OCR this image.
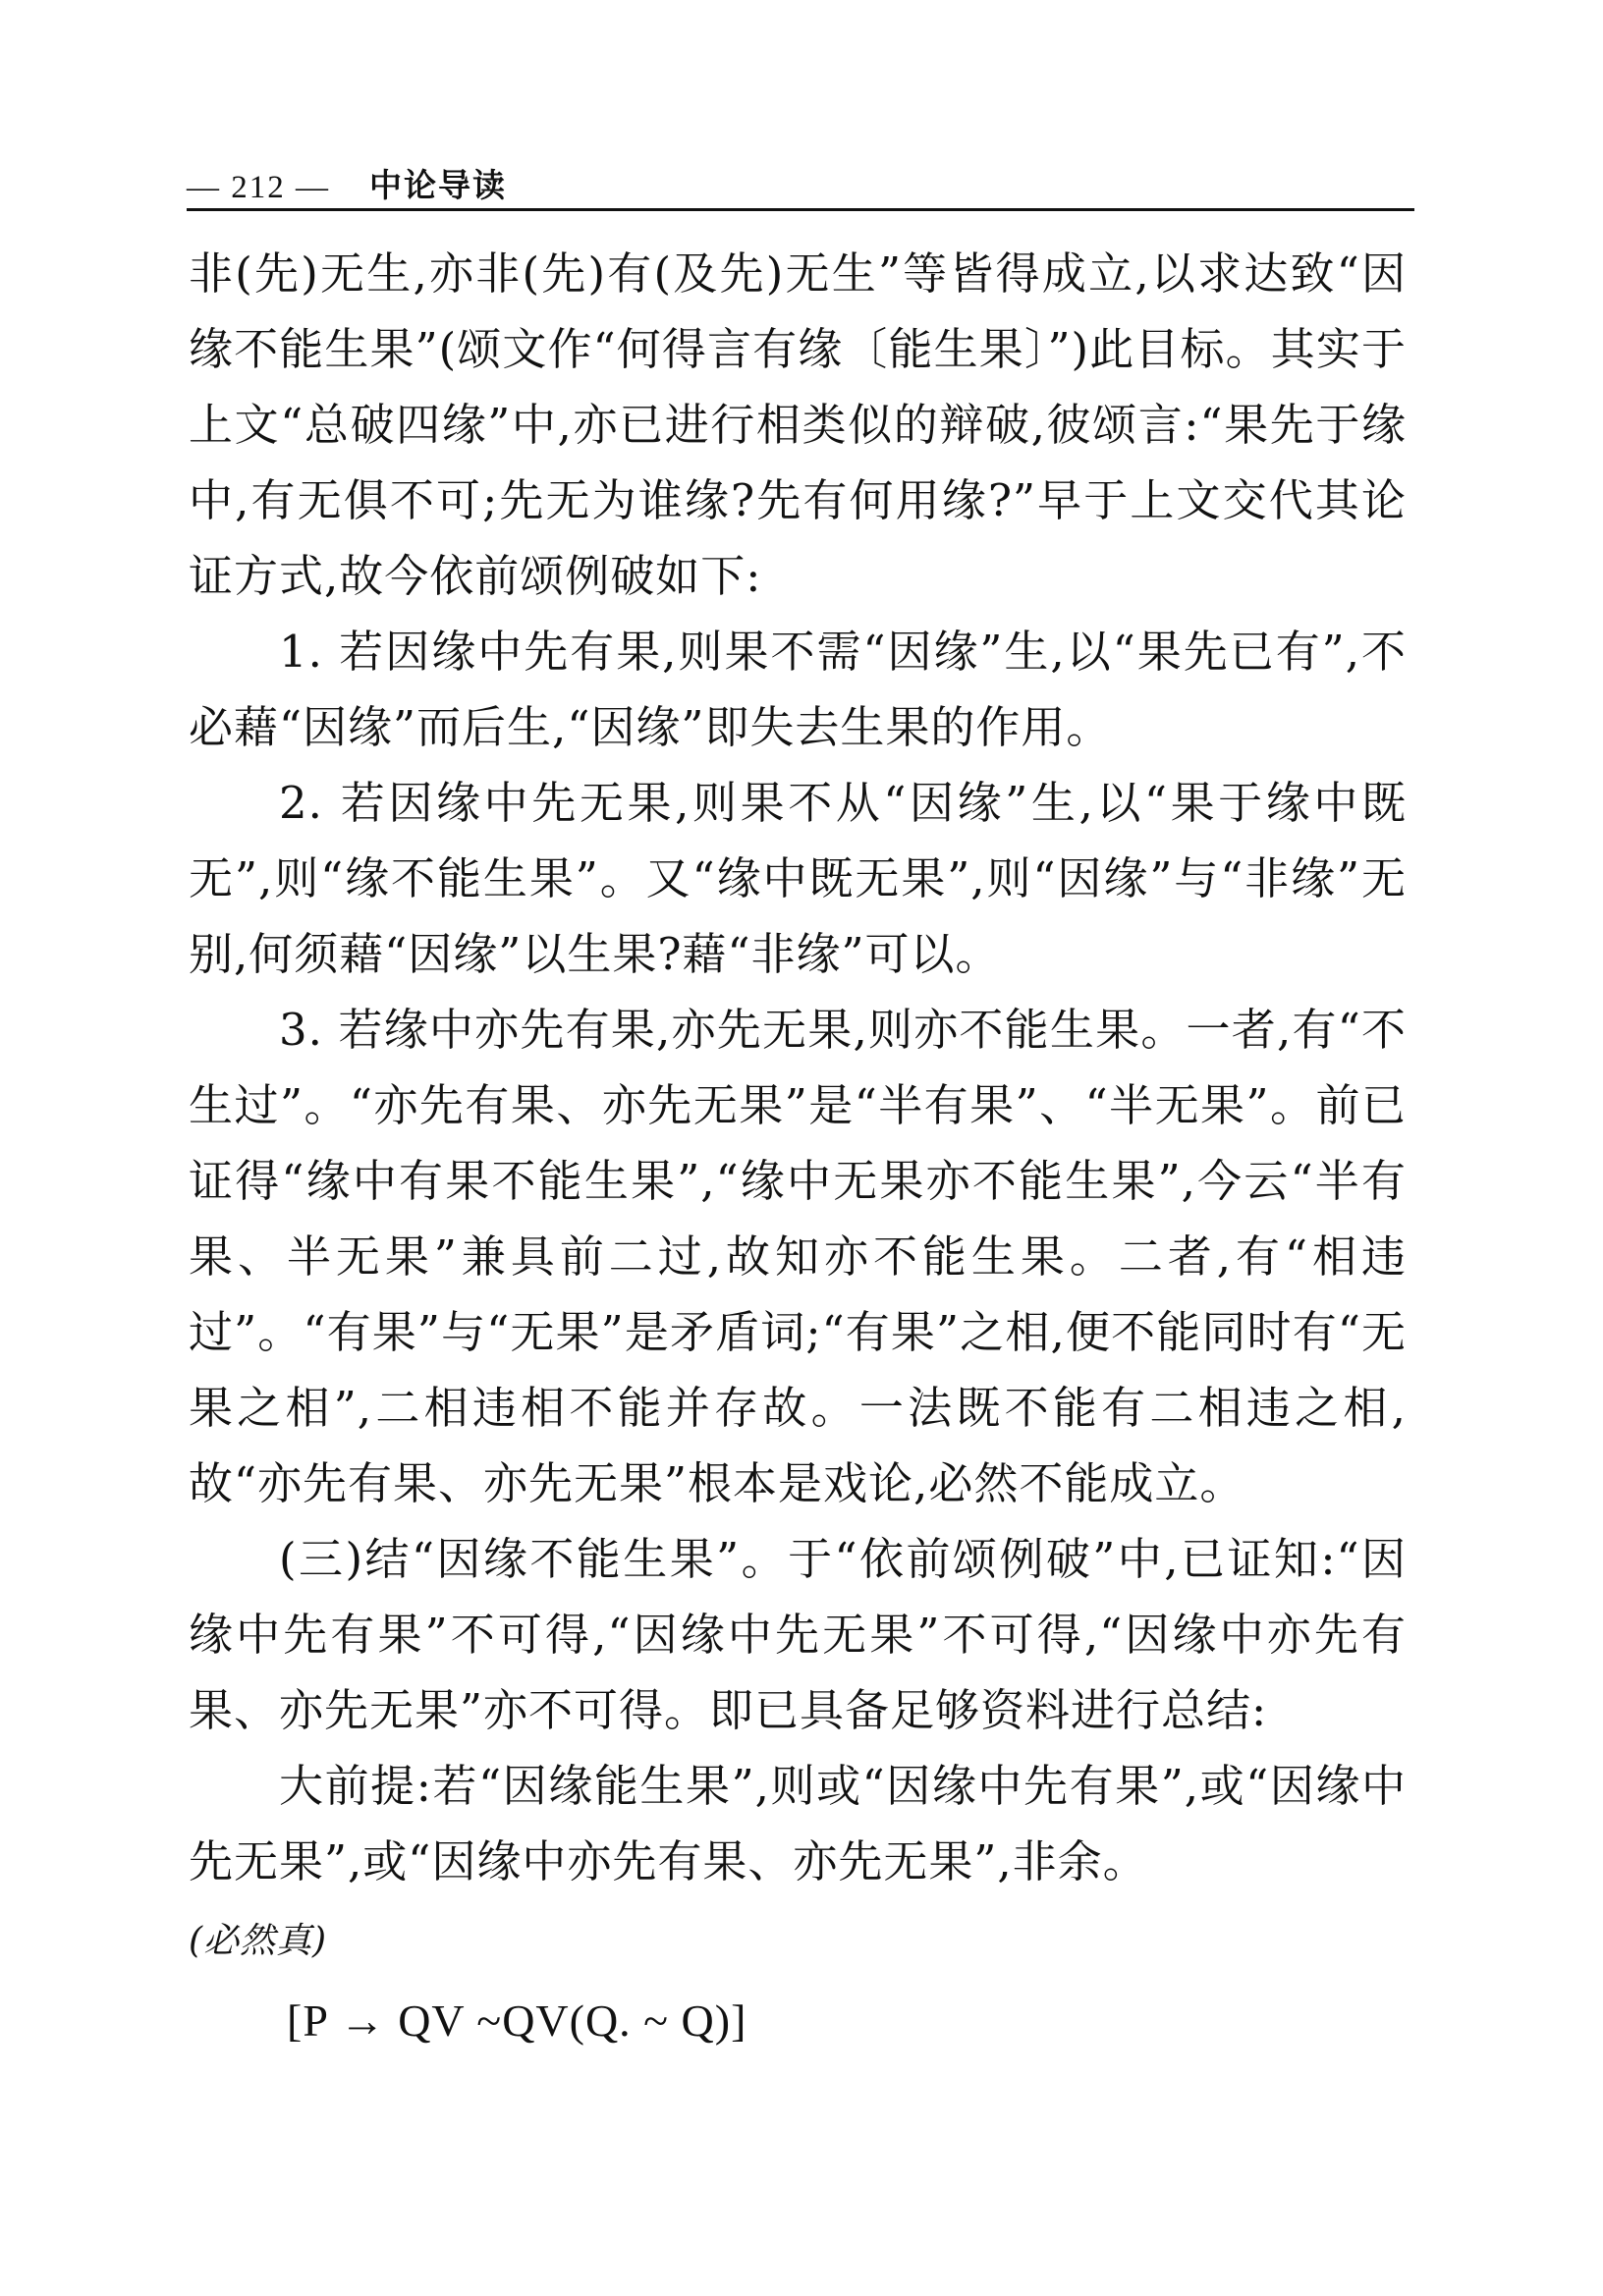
— 212 — 中论导读

非(先)无生,亦非(先)有(及先)无生”等皆得成立,以求达致“因缘不能生果”(颂文作“何得言有缘〔能生果〕”)此目标。其实于上文“总破四缘”中,亦已进行相类似的辩破,彼颂言:“果先于缘中,有无俱不可;先无为谁缘?先有何用缘?”早于上文交代其论证方式,故今依前颂例破如下:

1. 若因缘中先有果,则果不需“因缘”生,以“果先已有”,不必藉“因缘”而后生,“因缘”即失去生果的作用。

2. 若因缘中先无果,则果不从“因缘”生,以“果于缘中既无”,则“缘不能生果”。又“缘中既无果”,则“因缘”与“非缘”无别,何须藉“因缘”以生果?藉“非缘”可以。

3. 若缘中亦先有果,亦先无果,则亦不能生果。一者,有“不生过”。“亦先有果、亦先无果”是“半有果”、“半无果”。前已证得“缘中有果不能生果”,“缘中无果亦不能生果”,今云“半有果、半无果”兼具前二过,故知亦不能生果。二者,有“相违过”。“有果”与“无果”是矛盾词;“有果”之相,便不能同时有“无果之相”,二相违相不能并存故。一法既不能有二相违之相,故“亦先有果、亦先无果”根本是戏论,必然不能成立。

(三)结“因缘不能生果”。于“依前颂例破”中,已证知:“因缘中先有果”不可得,“因缘中先无果”不可得,“因缘中亦先有果、亦先无果”亦不可得。即已具备足够资料进行总结:

大前提:若“因缘能生果”,则或“因缘中先有果”,或“因缘中先无果”,或“因缘中亦先有果、亦先无果”,非余。

(必然真)

[P → QV ~QV(Q. ~ Q)]
